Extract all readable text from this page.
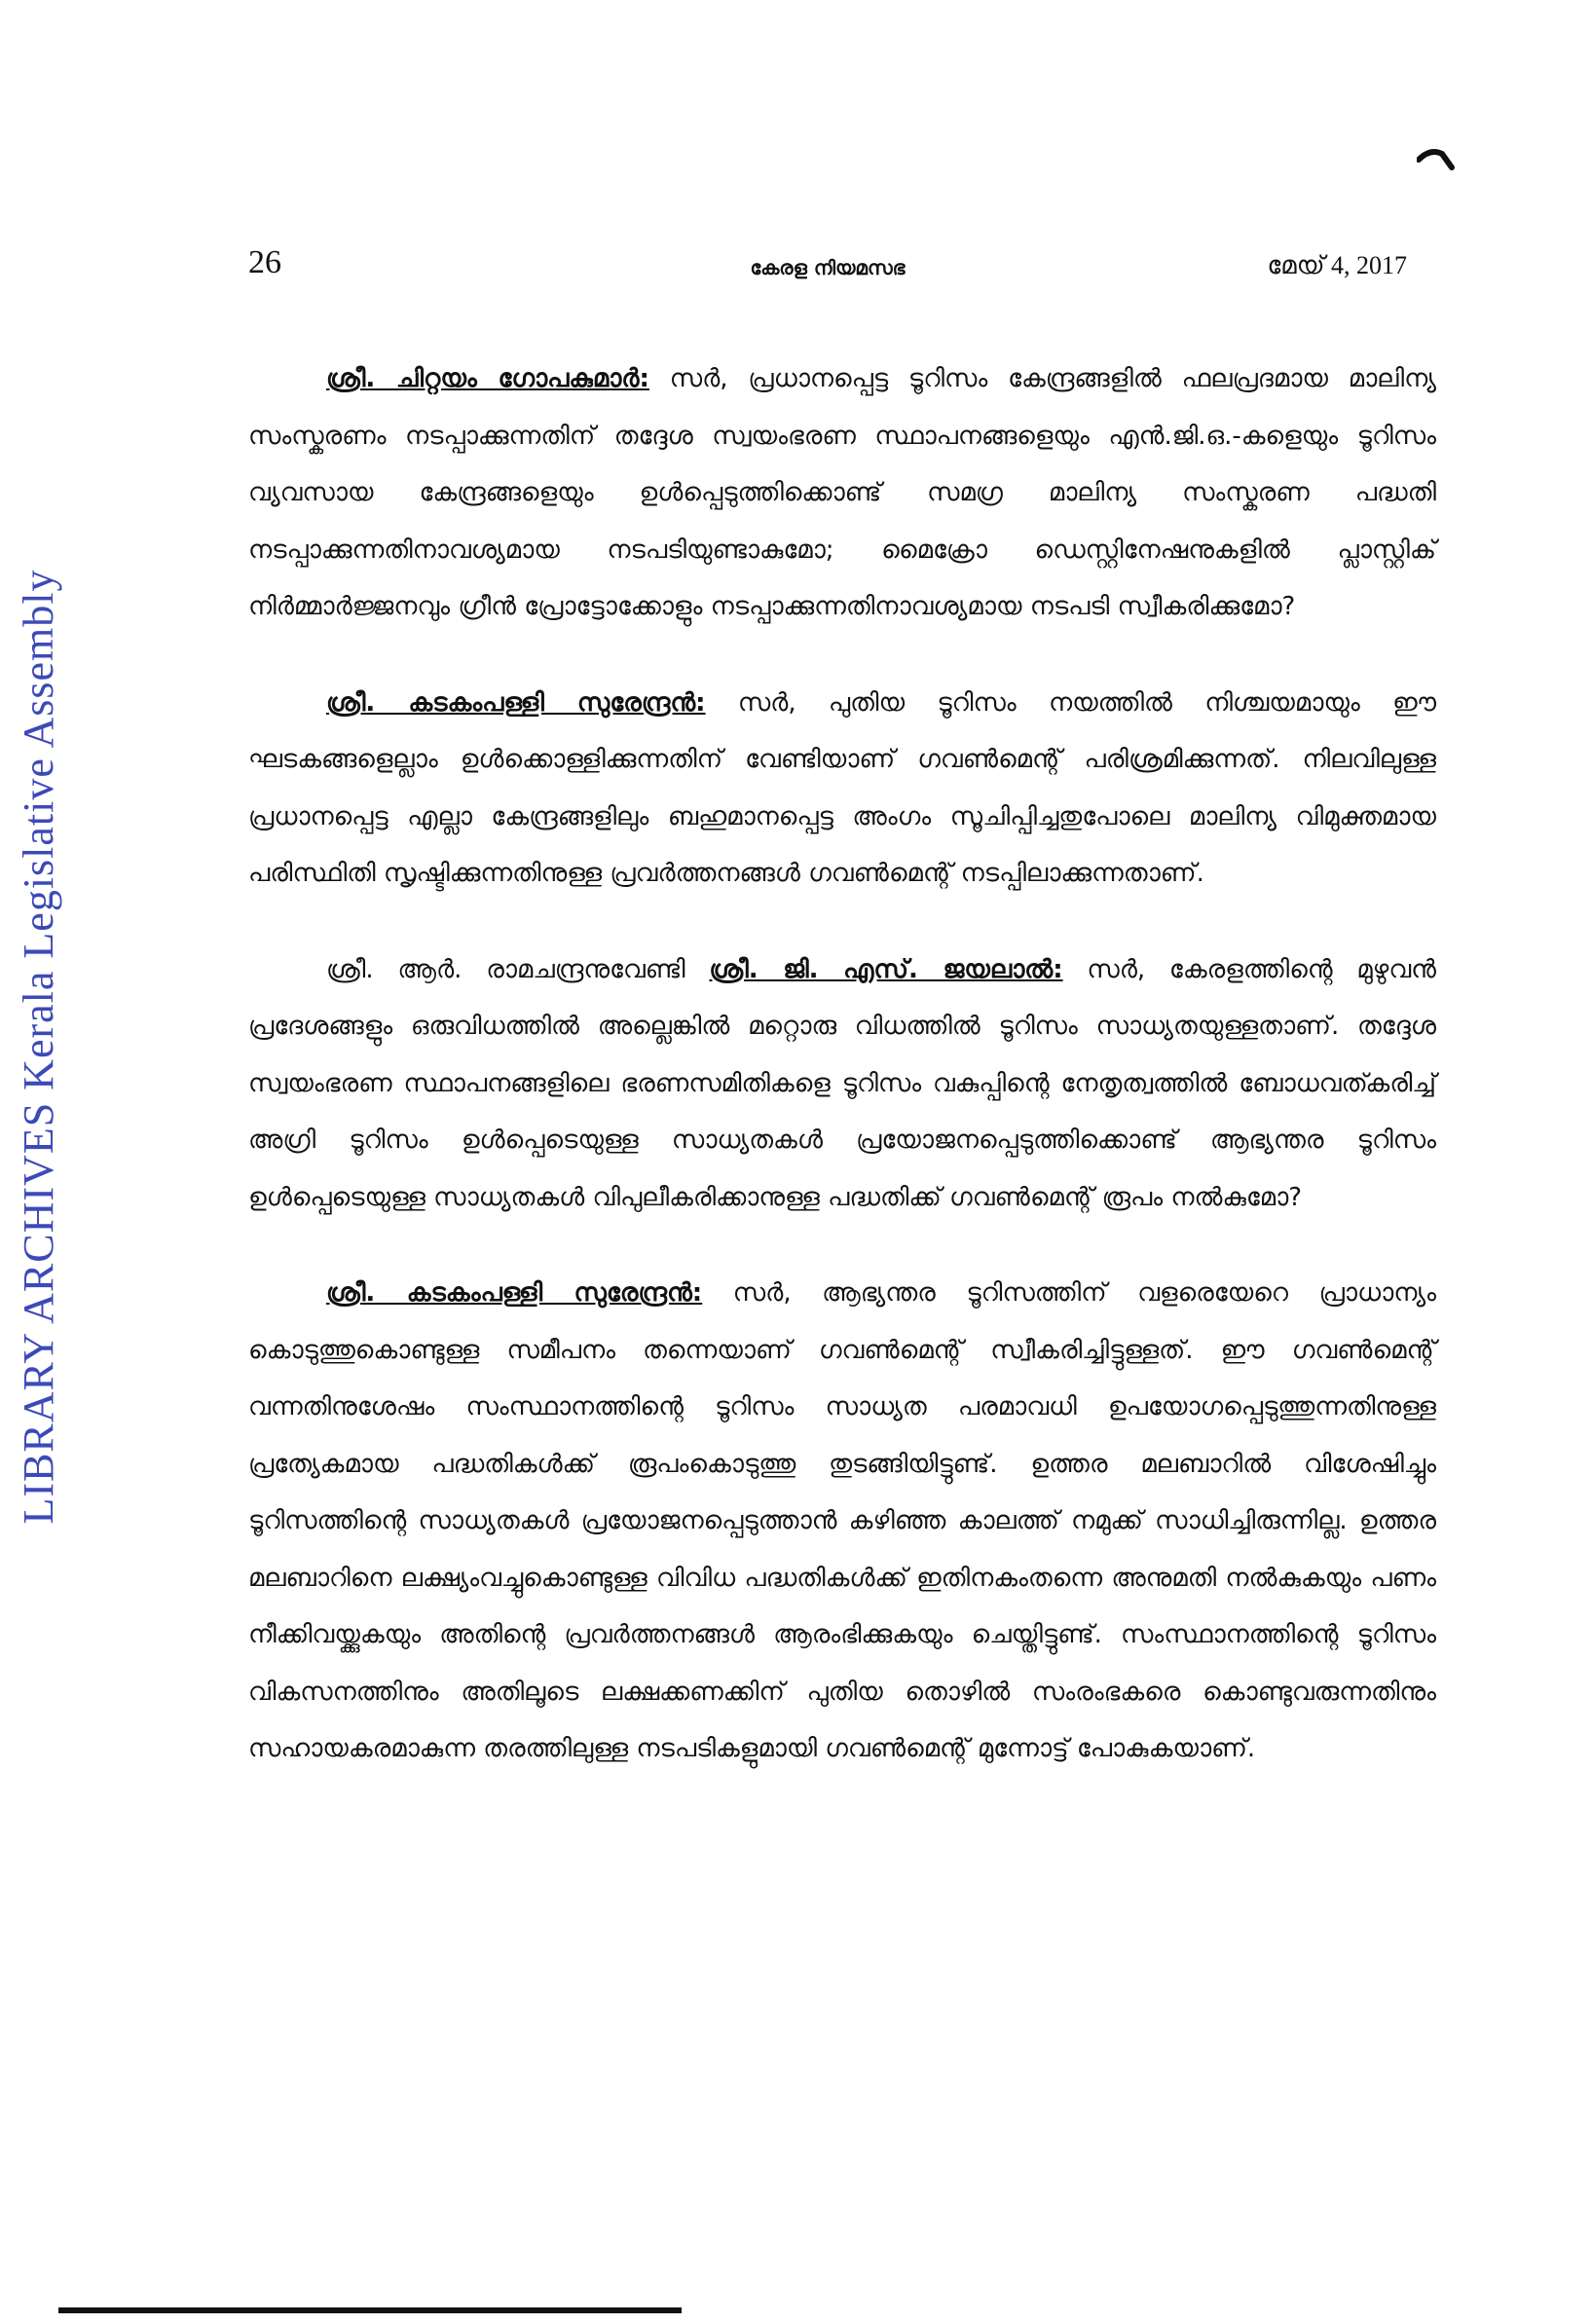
LIBRARY ARCHIVES Kerala Legislative Assembly
26	കേരള നിയമസഭ	മേയ് 4, 2017

ശ്രീ. ചിറ്റയം ഗോപകുമാർ: സർ, പ്രധാനപ്പെട്ട ടൂറിസം കേന്ദ്രങ്ങളിൽ ഫലപ്രദമായ മാലിന്യ സംസ്കരണം നടപ്പാക്കുന്നതിന് തദ്ദേശ സ്വയംഭരണ സ്ഥാപനങ്ങളെയും എൻ.ജി.ഒ.-കളെയും ടൂറിസം വ്യവസായ കേന്ദ്രങ്ങളെയും ഉൾപ്പെടുത്തിക്കൊണ്ട് സമഗ്ര മാലിന്യ സംസ്കരണ പദ്ധതി നടപ്പാക്കുന്നതിനാവശ്യമായ നടപടിയുണ്ടാകുമോ; മൈക്രോ ഡെസ്റ്റിനേഷനുകളിൽ പ്ലാസ്റ്റിക് നിർമ്മാർജ്ജനവും ഗ്രീൻ പ്രോട്ടോക്കോളും നടപ്പാക്കുന്നതിനാവശ്യമായ നടപടി സ്വീകരിക്കുമോ?

ശ്രീ. കടകംപള്ളി സുരേന്ദ്രൻ: സർ, പുതിയ ടൂറിസം നയത്തിൽ നിശ്ചയമായും ഈ ഘടകങ്ങളെല്ലാം ഉൾക്കൊള്ളിക്കുന്നതിന് വേണ്ടിയാണ് ഗവൺമെന്റ് പരിശ്രമിക്കുന്നത്. നിലവിലുള്ള പ്രധാനപ്പെട്ട എല്ലാ കേന്ദ്രങ്ങളിലും ബഹുമാനപ്പെട്ട അംഗം സൂചിപ്പിച്ചതുപോലെ മാലിന്യ വിമുക്തമായ പരിസ്ഥിതി സൃഷ്ടിക്കുന്നതിനുള്ള പ്രവർത്തനങ്ങൾ ഗവൺമെന്റ് നടപ്പിലാക്കുന്നതാണ്.

ശ്രീ. ആർ. രാമചന്ദ്രനുവേണ്ടി ശ്രീ. ജി. എസ്. ജയലാൽ: സർ, കേരളത്തിന്റെ മുഴുവൻ പ്രദേശങ്ങളും ഒരുവിധത്തിൽ അല്ലെങ്കിൽ മറ്റൊരു വിധത്തിൽ ടൂറിസം സാധ്യതയുള്ളതാണ്. തദ്ദേശ സ്വയംഭരണ സ്ഥാപനങ്ങളിലെ ഭരണസമിതികളെ ടൂറിസം വകുപ്പിന്റെ നേതൃത്വത്തിൽ ബോധവത്കരിച്ച് അഗ്രി ടൂറിസം ഉൾപ്പെടെയുള്ള സാധ്യതകൾ പ്രയോജനപ്പെടുത്തിക്കൊണ്ട് ആഭ്യന്തര ടൂറിസം ഉൾപ്പെടെയുള്ള സാധ്യതകൾ വിപുലീകരിക്കാനുള്ള പദ്ധതിക്ക് ഗവൺമെന്റ് രൂപം നൽകുമോ?

ശ്രീ. കടകംപള്ളി സുരേന്ദ്രൻ: സർ, ആഭ്യന്തര ടൂറിസത്തിന് വളരെയേറെ പ്രാധാന്യം കൊടുത്തുകൊണ്ടുള്ള സമീപനം തന്നെയാണ് ഗവൺമെന്റ് സ്വീകരിച്ചിട്ടുള്ളത്. ഈ ഗവൺമെന്റ് വന്നതിനുശേഷം സംസ്ഥാനത്തിന്റെ ടൂറിസം സാധ്യത പരമാവധി ഉപയോഗപ്പെടുത്തുന്നതിനുള്ള പ്രത്യേകമായ പദ്ധതികൾക്ക് രൂപംകൊടുത്തു തുടങ്ങിയിട്ടുണ്ട്. ഉത്തര മലബാറിൽ വിശേഷിച്ചും ടൂറിസത്തിന്റെ സാധ്യതകൾ പ്രയോജനപ്പെടുത്താൻ കഴിഞ്ഞ കാലത്ത് നമുക്ക് സാധിച്ചിരുന്നില്ല. ഉത്തര മലബാറിനെ ലക്ഷ്യംവച്ചുകൊണ്ടുള്ള വിവിധ പദ്ധതികൾക്ക് ഇതിനകംതന്നെ അനുമതി നൽകുകയും പണം നീക്കിവയ്ക്കുകയും അതിന്റെ പ്രവർത്തനങ്ങൾ ആരംഭിക്കുകയും ചെയ്തിട്ടുണ്ട്. സംസ്ഥാനത്തിന്റെ ടൂറിസം വികസനത്തിനും അതിലൂടെ ലക്ഷക്കണക്കിന് പുതിയ തൊഴിൽ സംരംഭകരെ കൊണ്ടുവരുന്നതിനും സഹായകരമാകുന്ന തരത്തിലുള്ള നടപടികളുമായി ഗവൺമെന്റ് മുന്നോട്ട് പോകുകയാണ്.
